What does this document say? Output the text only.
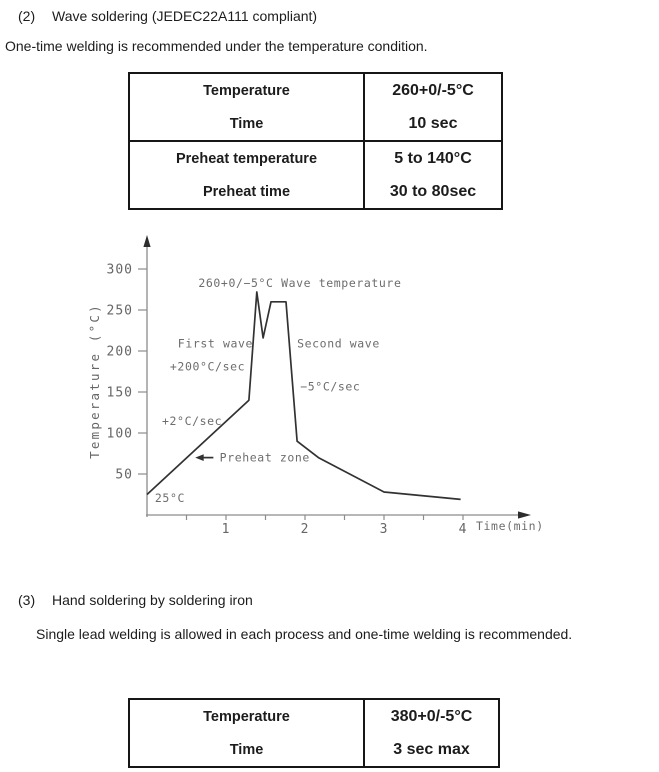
(2)	Wave soldering (JEDEC22A111 compliant)
One-time welding is recommended under the temperature condition.
Temperature	260+0/-5°C
Time	10 sec
Preheat temperature	5 to 140°C
Preheat time	30 to 80sec
50
100
150
200
250
300
1	2	3	4 Time(min)
Temperature (°C)
260+0/−5°C Wave temperature
First wave
+200°C/sec
Second wave
−5°C/sec
+2°C/sec
Preheat zone
25°C
(3)	Hand soldering by soldering iron
Single lead welding is allowed in each process and one-time welding is recommended.
Temperature	380+0/-5°C
Time	3 sec max
